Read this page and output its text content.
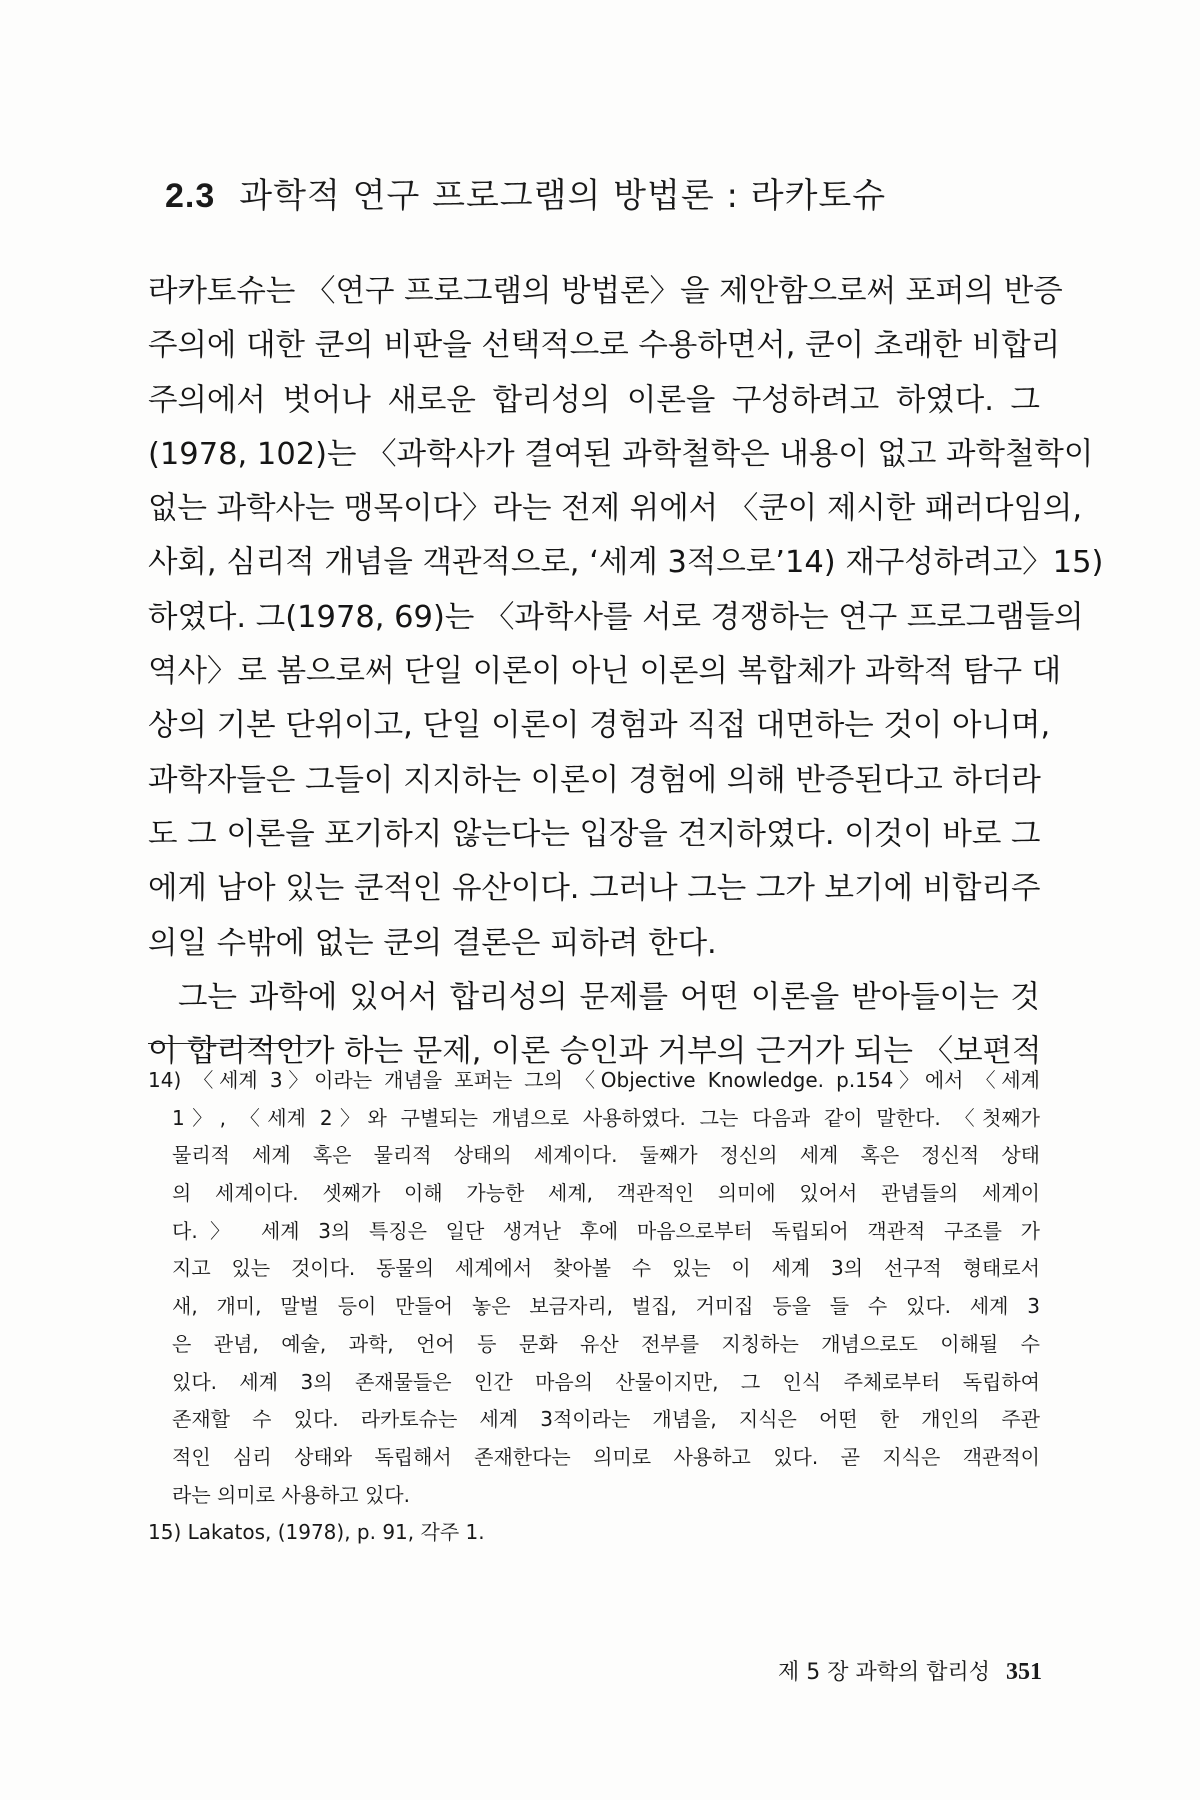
2.3 과학적 연구 프로그램의 방법론 : 라카토슈
라카토슈는 〈연구 프로그램의 방법론〉을 제안함으로써 포퍼의 반증
주의에 대한 쿤의 비판을 선택적으로 수용하면서, 쿤이 초래한 비합리
주의에서 벗어나 새로운 합리성의 이론을 구성하려고 하였다. 그
(1978, 102)는 〈과학사가 결여된 과학철학은 내용이 없고 과학철학이
없는 과학사는 맹목이다〉라는 전제 위에서 〈쿤이 제시한 패러다임의,
사회, 심리적 개념을 객관적으로, ‘세계 3적으로’14) 재구성하려고〉15)
하였다. 그(1978, 69)는 〈과학사를 서로 경쟁하는 연구 프로그램들의
역사〉로 봄으로써 단일 이론이 아닌 이론의 복합체가 과학적 탐구 대
상의 기본 단위이고, 단일 이론이 경험과 직접 대면하는 것이 아니며,
과학자들은 그들이 지지하는 이론이 경험에 의해 반증된다고 하더라
도 그 이론을 포기하지 않는다는 입장을 견지하였다. 이것이 바로 그
에게 남아 있는 쿤적인 유산이다. 그러나 그는 그가 보기에 비합리주
의일 수밖에 없는 쿤의 결론은 피하려 한다.
그는 과학에 있어서 합리성의 문제를 어떤 이론을 받아들이는 것
이 합리적인가 하는 문제, 이론 승인과 거부의 근거가 되는 〈보편적
14) 〈세계 3〉이라는 개념을 포퍼는 그의 〈Objective Knowledge. p.154〉에서 〈세계
1〉, 〈세계 2〉와 구별되는 개념으로 사용하였다. 그는 다음과 같이 말한다. 〈첫째가
물리적 세계 혹은 물리적 상태의 세계이다. 둘째가 정신의 세계 혹은 정신적 상태
의 세계이다. 셋째가 이해 가능한 세계, 객관적인 의미에 있어서 관념들의 세계이
다.〉 세계 3의 특징은 일단 생겨난 후에 마음으로부터 독립되어 객관적 구조를 가
지고 있는 것이다. 동물의 세계에서 찾아볼 수 있는 이 세계 3의 선구적 형태로서
새, 개미, 말벌 등이 만들어 놓은 보금자리, 벌집, 거미집 등을 들 수 있다. 세계 3
은 관념, 예술, 과학, 언어 등 문화 유산 전부를 지칭하는 개념으로도 이해될 수
있다. 세계 3의 존재물들은 인간 마음의 산물이지만, 그 인식 주체로부터 독립하여
존재할 수 있다. 라카토슈는 세계 3적이라는 개념을, 지식은 어떤 한 개인의 주관
적인 심리 상태와 독립해서 존재한다는 의미로 사용하고 있다. 곧 지식은 객관적이
라는 의미로 사용하고 있다.
15) Lakatos, (1978), p. 91, 각주 1.
제 5 장 과학의 합리성 351
